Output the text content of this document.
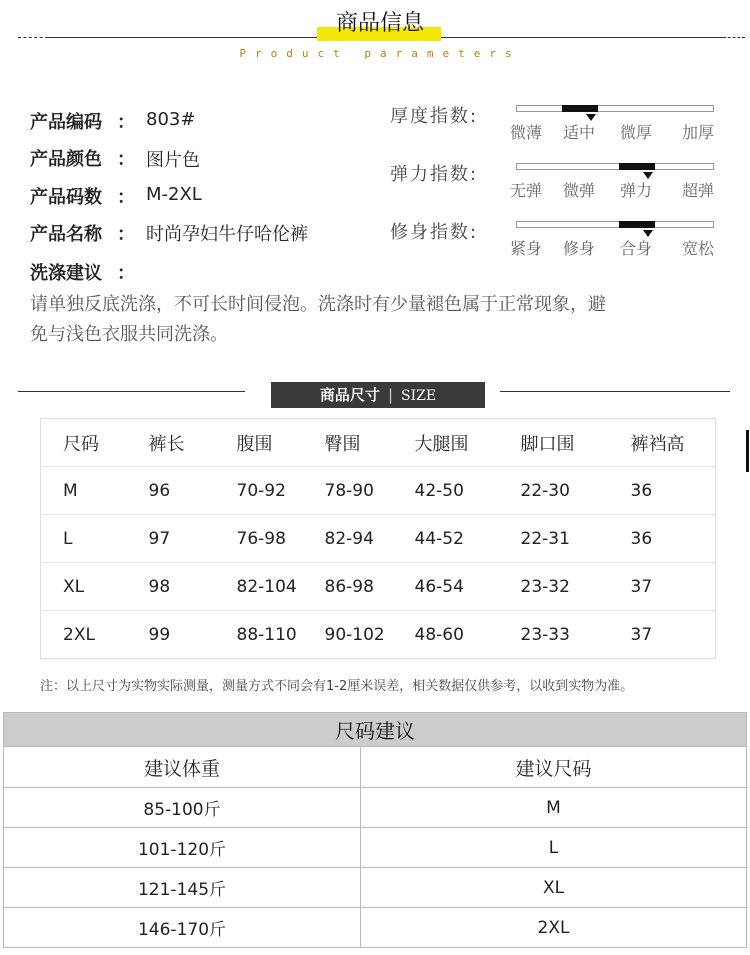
商品信息
Product parameters
产品编码 ： 803#
产品颜色 ： 图片色
产品码数 ： M-2XL
产品名称 ： 时尚孕妇牛仔哈伦裤
洗涤建议 ：
请单独反底洗涤，不可长时间侵泡。洗涤时有少量褪色属于正常现象，避免与浅色衣服共同洗涤。
厚度指数:
微薄	适中	微厚	加厚
弹力指数:
无弹	微弹	弹力	超弹
修身指数:
紧身	修身	合身	宽松
商品尺寸 | SIZE
尺码	裤长	腹围	臀围	大腿围	脚口围	裤裆高
M	96	70-92	78-90	42-50	22-30	36
L	97	76-98	82-94	44-52	22-31	36
XL	98	82-104	86-98	46-54	23-32	37
2XL	99	88-110	90-102	48-60	23-33	37
注：以上尺寸为实物实际测量，测量方式不同会有1-2厘米误差，相关数据仅供参考，以收到实物为准。
尺码建议	
建议体重	建议尺码
85-100斤	M
101-120斤	L
121-145斤	XL
146-170斤	2XL
